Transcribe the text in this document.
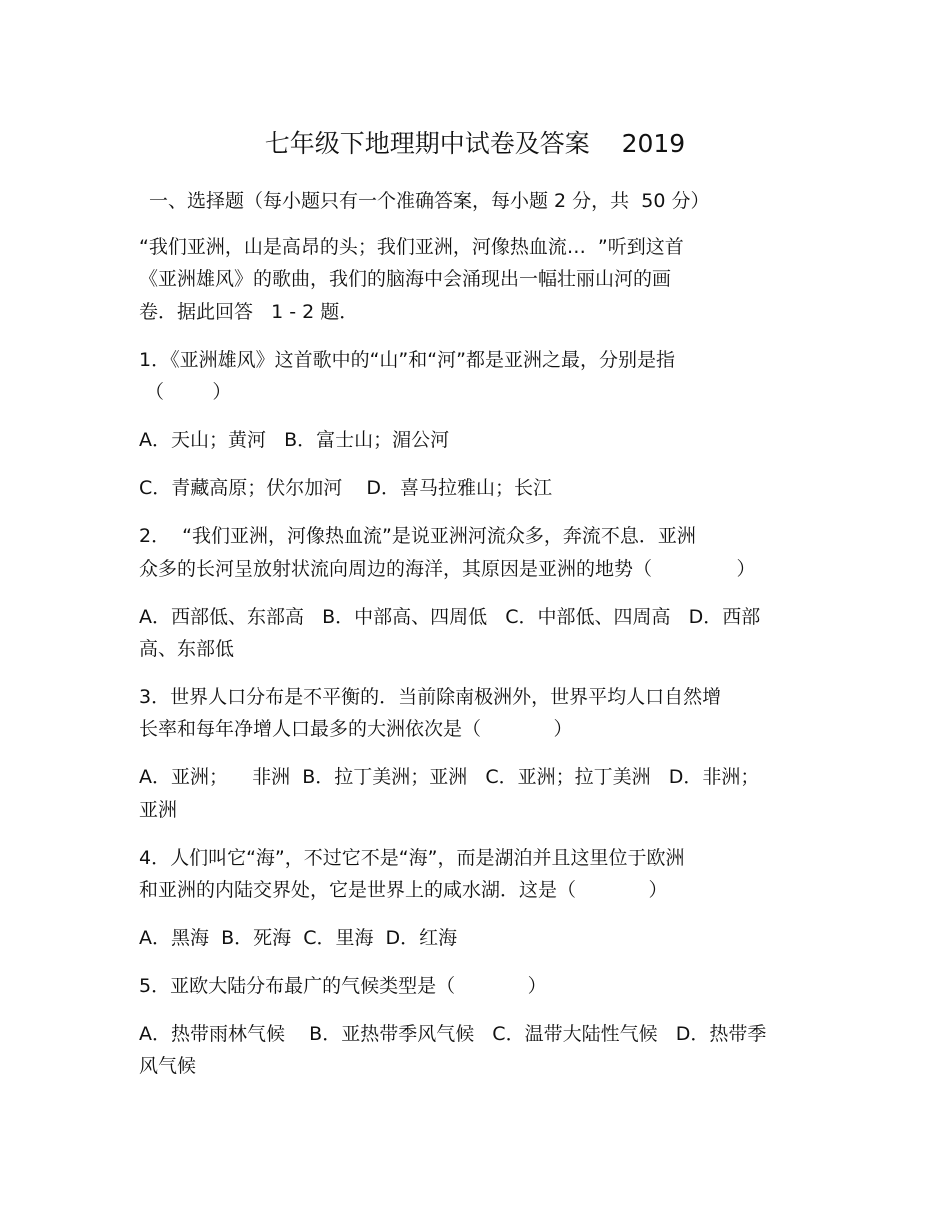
七年级下地理期中试卷及答案    2019
一、选择题（每小题只有一个准确答案，每小题 2 分，共  50 分）
“我们亚洲，山是高昂的头；我们亚洲，河像热血流…  ”听到这首
《亚洲雄风》的歌曲，我们的脑海中会涌现出一幅壮丽山河的画
卷．据此回答   1 - 2 题．
1．《亚洲雄风》这首歌中的“山”和“河”都是亚洲之最，分别是指
（        ）
A．天山；黄河   B．富士山；湄公河
C．青藏高原；伏尔加河    D．喜马拉雅山；长江
2．  “我们亚洲，河像热血流”是说亚洲河流众多，奔流不息．亚洲
众多的长河呈放射状流向周边的海洋，其原因是亚洲的地势（              ）
A．西部低、东部高   B．中部高、四周低   C．中部低、四周高   D．西部
高、东部低
3．世界人口分布是不平衡的．当前除南极洲外，世界平均人口自然增
长率和每年净增人口最多的大洲依次是（            ）
A．亚洲；    非洲  B．拉丁美洲；亚洲   C．亚洲；拉丁美洲   D．非洲；
亚洲
4．人们叫它“海”，不过它不是“海”，而是湖泊并且这里位于欧洲
和亚洲的内陆交界处，它是世界上的咸水湖．这是（            ）
A．黑海  B．死海  C．里海  D．红海
5．亚欧大陆分布最广的气候类型是（            ）
A．热带雨林气候    B．亚热带季风气候   C．温带大陆性气候   D．热带季
风气候
